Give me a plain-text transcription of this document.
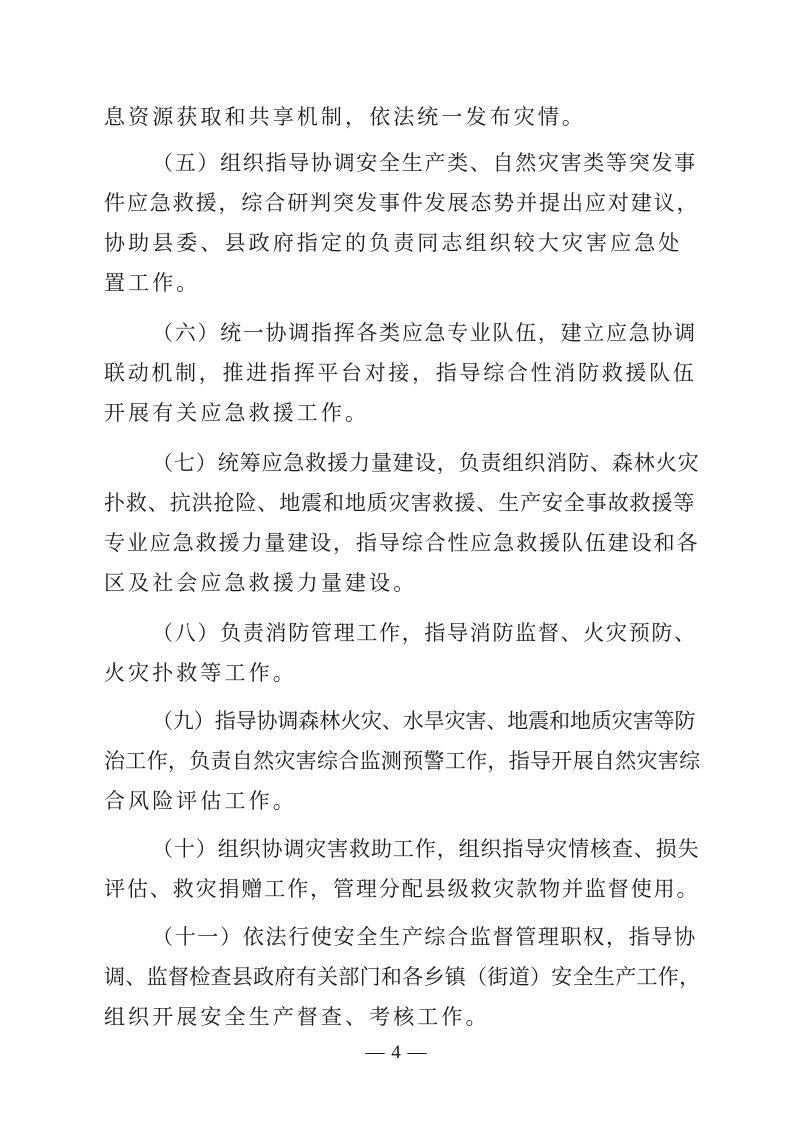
息资源获取和共享机制，依法统一发布灾情。
（五）组织指导协调安全生产类、自然灾害类等突发事
件应急救援，综合研判突发事件发展态势并提出应对建议，
协助县委、县政府指定的负责同志组织较大灾害应急处
置工作。
（六）统一协调指挥各类应急专业队伍，建立应急协调
联动机制，推进指挥平台对接，指导综合性消防救援队伍
开展有关应急救援工作。
（七）统筹应急救援力量建设，负责组织消防、森林火灾
扑救、抗洪抢险、地震和地质灾害救援、生产安全事故救援等
专业应急救援力量建设，指导综合性应急救援队伍建设和各
区及社会应急救援力量建设。
（八）负责消防管理工作，指导消防监督、火灾预防、
火灾扑救等工作。
（九）指导协调森林火灾、水旱灾害、地震和地质灾害等防
治工作，负责自然灾害综合监测预警工作，指导开展自然灾害综
合风险评估工作。
（十）组织协调灾害救助工作，组织指导灾情核查、损失
评估、救灾捐赠工作，管理分配县级救灾款物并监督使用。
（十一）依法行使安全生产综合监督管理职权，指导协
调、监督检查县政府有关部门和各乡镇（街道）安全生产工作，
组织开展安全生产督查、考核工作。
— 4 —
